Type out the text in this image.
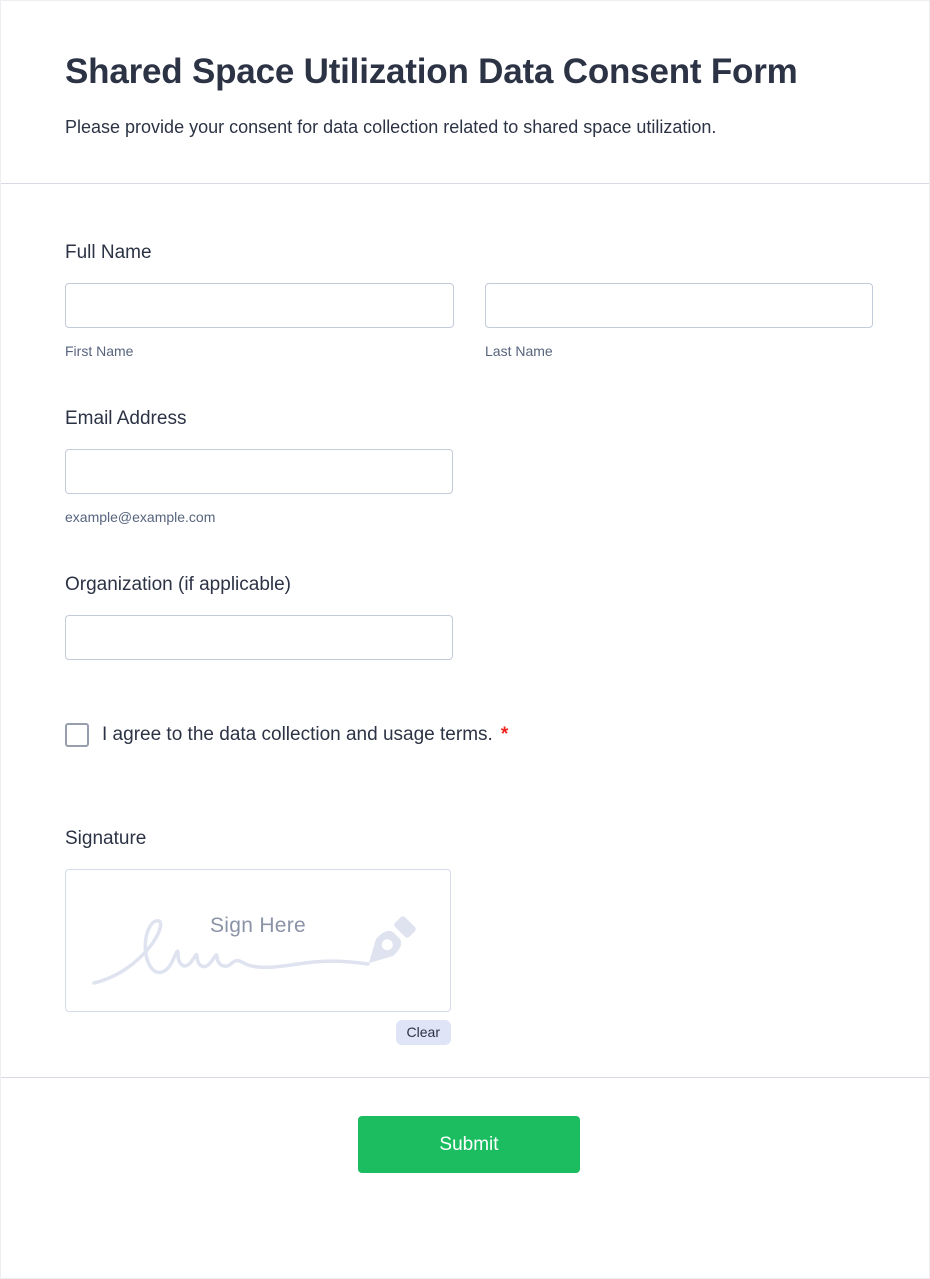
Shared Space Utilization Data Consent Form
Please provide your consent for data collection related to shared space utilization.
Full Name
First Name	Last Name
Email Address
example@example.com
Organization (if applicable)
I agree to the data collection and usage terms. *
Signature
Sign Here
Clear
Submit
